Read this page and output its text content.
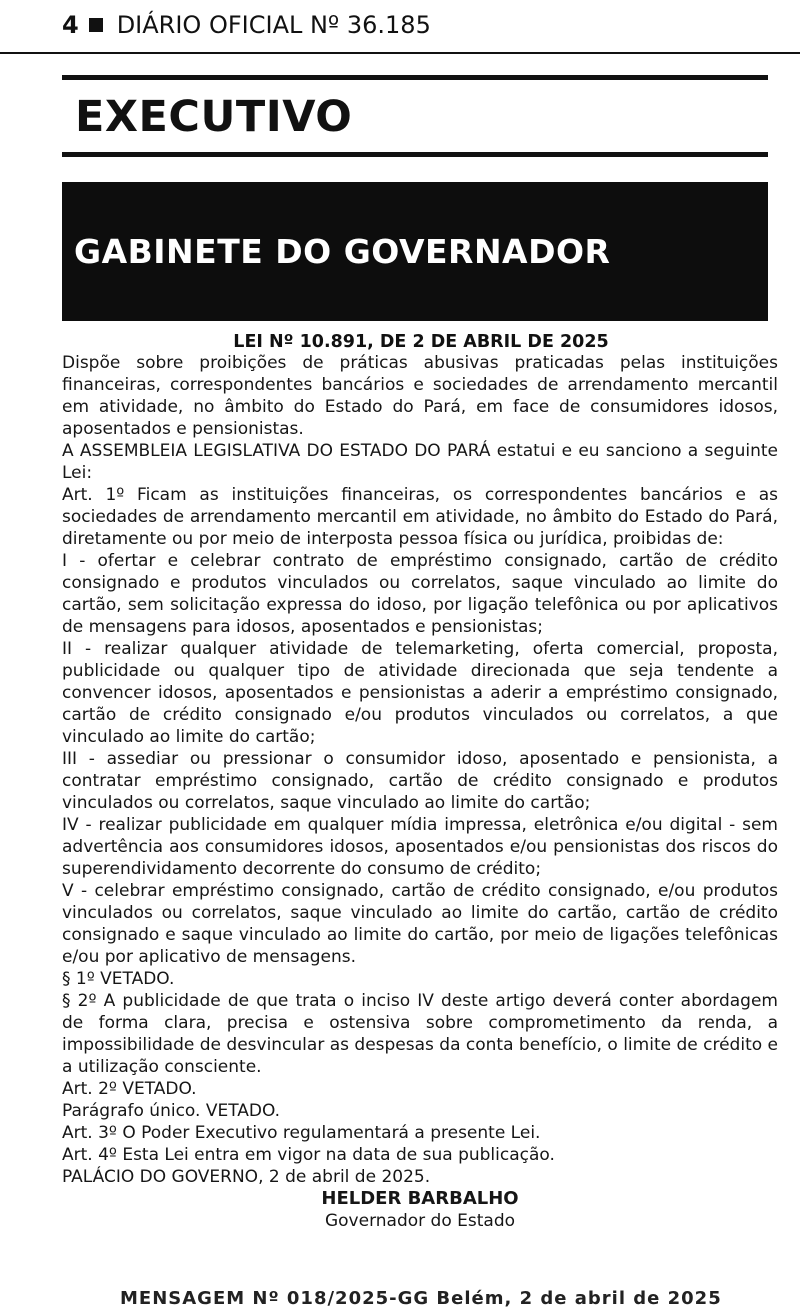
4 DIÁRIO OFICIAL Nº 36.185
EXECUTIVO
GABINETE DO GOVERNADOR
LEI Nº 10.891, DE 2 DE ABRIL DE 2025

Dispõe sobre proibições de práticas abusivas praticadas pelas instituições financeiras, correspondentes bancários e sociedades de arrendamento mercantil em atividade, no âmbito do Estado do Pará, em face de consumidores idosos, aposentados e pensionistas.

A ASSEMBLEIA LEGISLATIVA DO ESTADO DO PARÁ estatui e eu sanciono a seguinte Lei:

Art. 1º Ficam as instituições financeiras, os correspondentes bancários e as sociedades de arrendamento mercantil em atividade, no âmbito do Estado do Pará, diretamente ou por meio de interposta pessoa física ou jurídica, proibidas de:

I - ofertar e celebrar contrato de empréstimo consignado, cartão de crédito consignado e produtos vinculados ou correlatos, saque vinculado ao limite do cartão, sem solicitação expressa do idoso, por ligação telefônica ou por aplicativos de mensagens para idosos, aposentados e pensionistas;

II - realizar qualquer atividade de telemarketing, oferta comercial, proposta, publicidade ou qualquer tipo de atividade direcionada que seja tendente a convencer idosos, aposentados e pensionistas a aderir a empréstimo consignado, cartão de crédito consignado e/ou produtos vinculados ou correlatos, a que vinculado ao limite do cartão;

III - assediar ou pressionar o consumidor idoso, aposentado e pensionista, a contratar empréstimo consignado, cartão de crédito consignado e produtos vinculados ou correlatos, saque vinculado ao limite do cartão;

IV - realizar publicidade em qualquer mídia impressa, eletrônica e/ou digital - sem advertência aos consumidores idosos, aposentados e/ou pensionistas dos riscos do superendividamento decorrente do consumo de crédito;

V - celebrar empréstimo consignado, cartão de crédito consignado, e/ou produtos vinculados ou correlatos, saque vinculado ao limite do cartão, cartão de crédito consignado e saque vinculado ao limite do cartão, por meio de ligações telefônicas e/ou por aplicativo de mensagens.

§ 1º VETADO.

§ 2º A publicidade de que trata o inciso IV deste artigo deverá conter abordagem de forma clara, precisa e ostensiva sobre comprometimento da renda, a impossibilidade de desvincular as despesas da conta benefício, o limite de crédito e a utilização consciente.

Art. 2º VETADO.

Parágrafo único. VETADO.

Art. 3º O Poder Executivo regulamentará a presente Lei.

Art. 4º Esta Lei entra em vigor na data de sua publicação.

PALÁCIO DO GOVERNO, 2 de abril de 2025.

HELDER BARBALHO

Governador do Estado

MENSAGEM Nº 018/2025-GG Belém, 2 de abril de 2025
